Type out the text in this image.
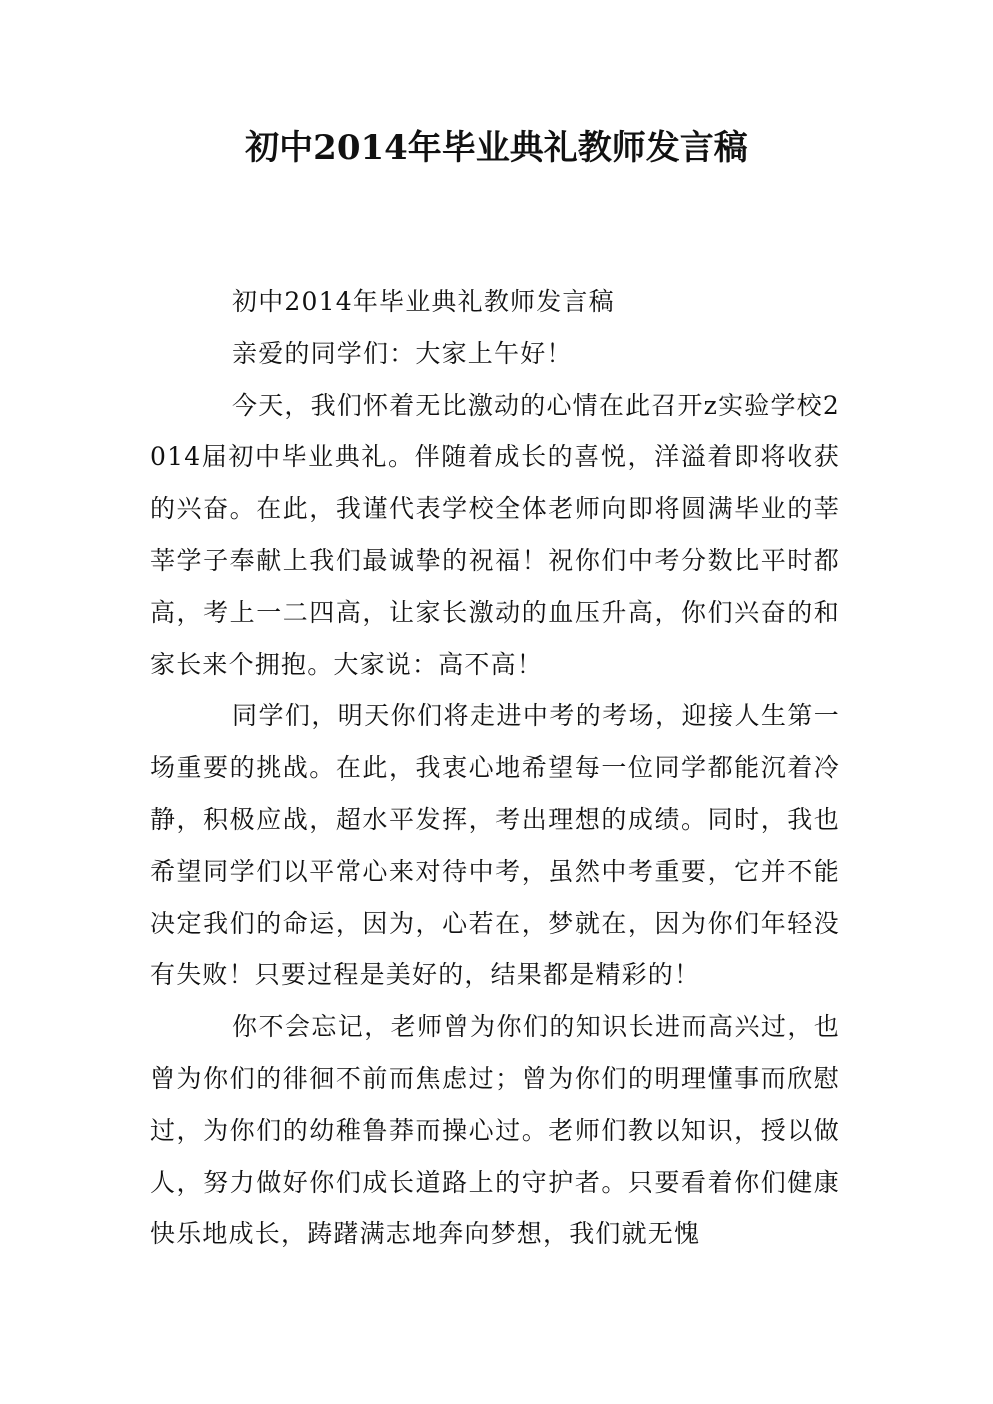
初中2014年毕业典礼教师发言稿

初中2014年毕业典礼教师发言稿

亲爱的同学们：大家上午好！

今天，我们怀着无比激动的心情在此召开z实验学校2014届初中毕业典礼。伴随着成长的喜悦，洋溢着即将收获的兴奋。在此，我谨代表学校全体老师向即将圆满毕业的莘莘学子奉献上我们最诚挚的祝福！祝你们中考分数比平时都高，考上一二四高，让家长激动的血压升高，你们兴奋的和家长来个拥抱。大家说：高不高！

同学们，明天你们将走进中考的考场，迎接人生第一场重要的挑战。在此，我衷心地希望每一位同学都能沉着冷静，积极应战，超水平发挥，考出理想的成绩。同时，我也希望同学们以平常心来对待中考，虽然中考重要，它并不能决定我们的命运，因为，心若在，梦就在，因为你们年轻没有失败！只要过程是美好的，结果都是精彩的！

你不会忘记，老师曾为你们的知识长进而高兴过，也曾为你们的徘徊不前而焦虑过；曾为你们的明理懂事而欣慰过，为你们的幼稚鲁莽而操心过。老师们教以知识，授以做人，努力做好你们成长道路上的守护者。只要看着你们健康快乐地成长，踌躇满志地奔向梦想，我们就无愧
